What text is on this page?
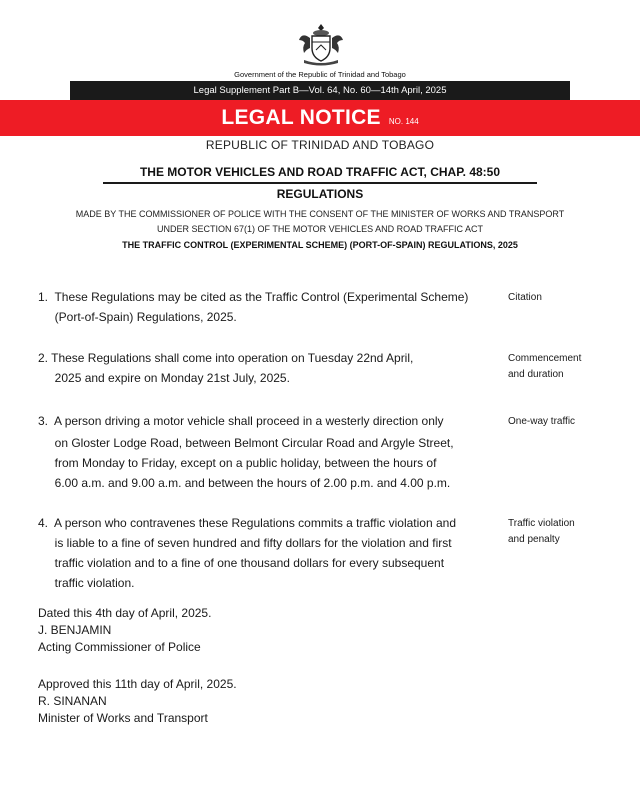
Government of the Republic of Trinidad and Tobago
Legal Supplement Part B—Vol. 64, No. 60—14th April, 2025
LEGAL NOTICE NO. 144
REPUBLIC OF TRINIDAD AND TOBAGO
THE MOTOR VEHICLES AND ROAD TRAFFIC ACT, CHAP. 48:50
REGULATIONS
MADE BY THE COMMISSIONER OF POLICE WITH THE CONSENT OF THE MINISTER OF WORKS AND TRANSPORT
UNDER SECTION 67(1) OF THE MOTOR VEHICLES AND ROAD TRAFFIC ACT
THE TRAFFIC CONTROL (EXPERIMENTAL SCHEME) (PORT-OF-SPAIN) REGULATIONS, 2025
1.  These Regulations may be cited as the Traffic Control (Experimental Scheme)
(Port-of-Spain) Regulations, 2025.
Citation
2. These Regulations shall come into operation on Tuesday 22nd April,
2025 and expire on Monday 21st July, 2025.
Commencement
and duration
3.  A person driving a motor vehicle shall proceed in a westerly direction only
on Gloster Lodge Road, between Belmont Circular Road and Argyle Street,
from Monday to Friday, except on a public holiday, between the hours of
6.00 a.m. and 9.00 a.m. and between the hours of 2.00 p.m. and 4.00 p.m.
One-way traffic
4.  A person who contravenes these Regulations commits a traffic violation and
is liable to a fine of seven hundred and fifty dollars for the violation and first
traffic violation and to a fine of one thousand dollars for every subsequent
traffic violation.
Traffic violation
and penalty
Dated this 4th day of April, 2025.
J. BENJAMIN
Acting Commissioner of Police
Approved this 11th day of April, 2025.
R. SINANAN
Minister of Works and Transport
